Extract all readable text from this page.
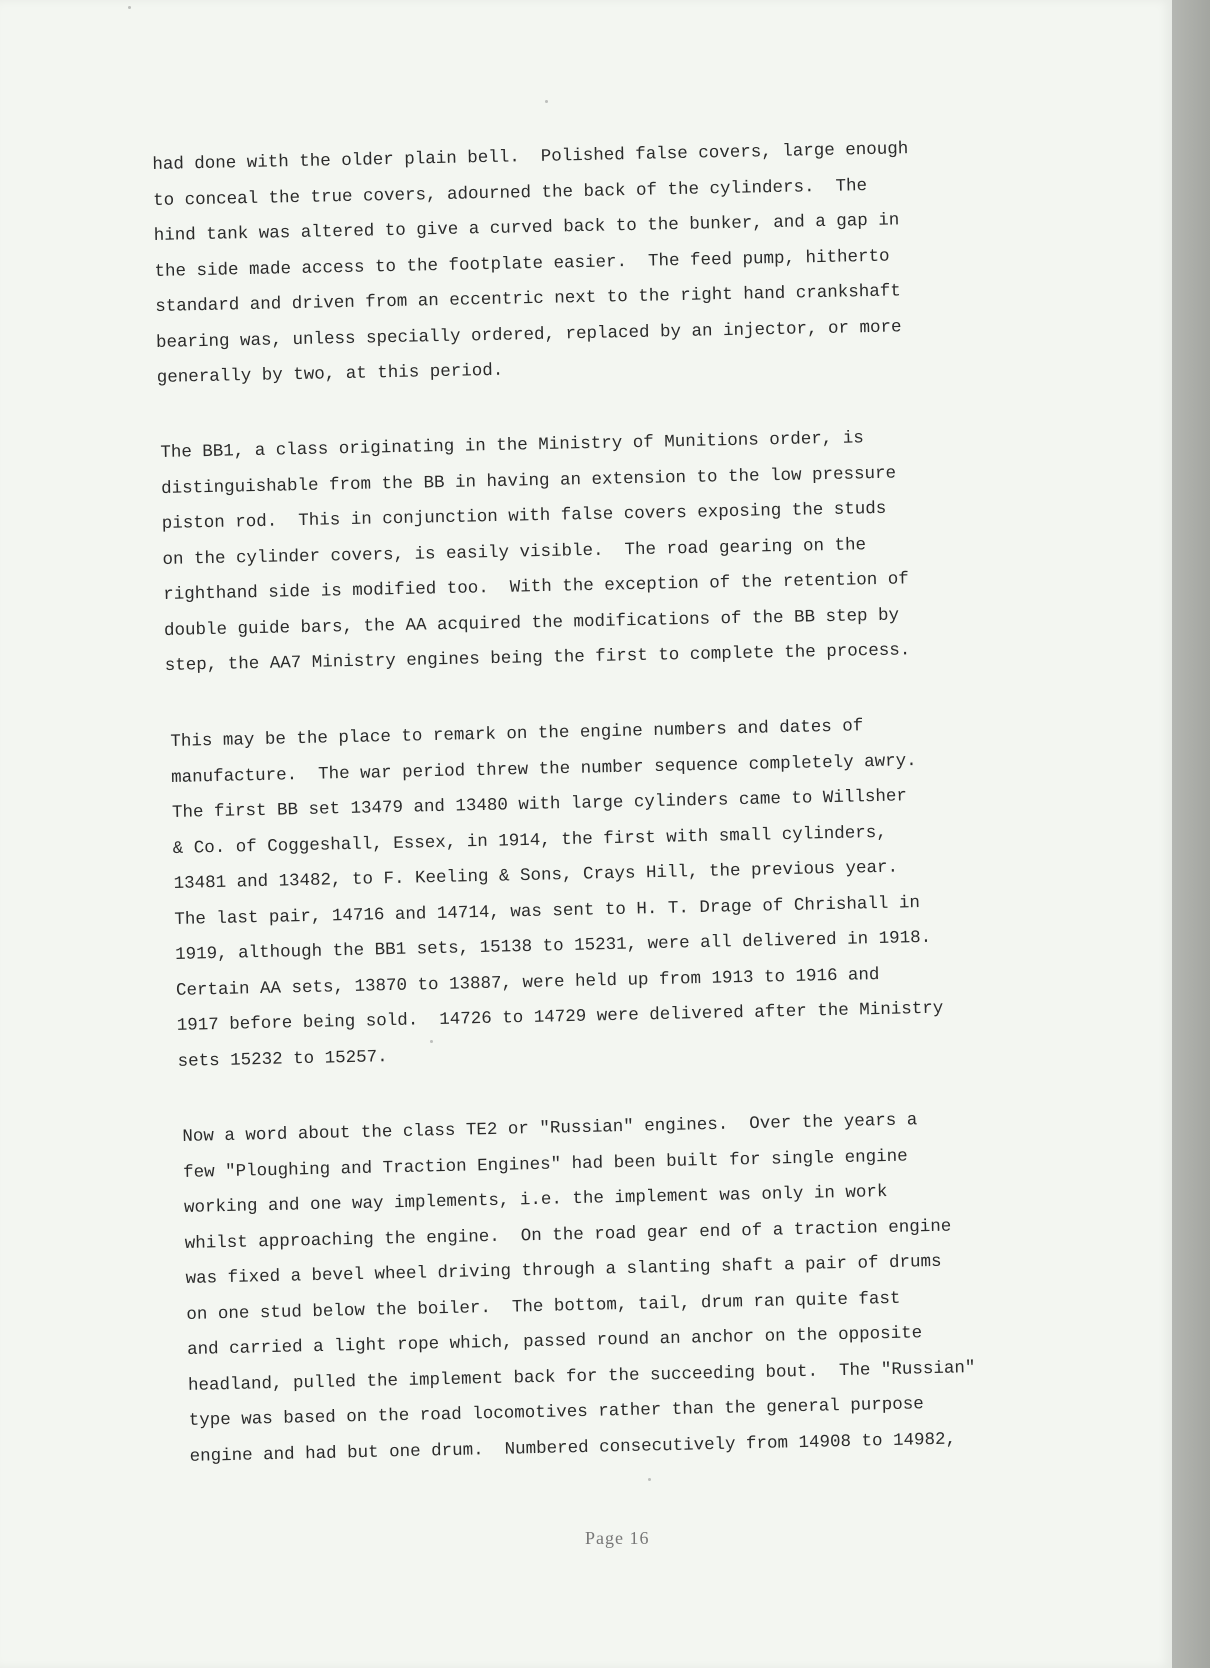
had done with the older plain bell.  Polished false covers, large enough
to conceal the true covers, adourned the back of the cylinders.  The
hind tank was altered to give a curved back to the bunker, and a gap in
the side made access to the footplate easier.  The feed pump, hitherto
standard and driven from an eccentric next to the right hand crankshaft
bearing was, unless specially ordered, replaced by an injector, or more
generally by two, at this period.
The BB1, a class originating in the Ministry of Munitions order, is
distinguishable from the BB in having an extension to the low pressure
piston rod.  This in conjunction with false covers exposing the studs
on the cylinder covers, is easily visible.  The road gearing on the
righthand side is modified too.  With the exception of the retention of
double guide bars, the AA acquired the modifications of the BB step by
step, the AA7 Ministry engines being the first to complete the process.
This may be the place to remark on the engine numbers and dates of
manufacture.  The war period threw the number sequence completely awry.
The first BB set 13479 and 13480 with large cylinders came to Willsher
& Co. of Coggeshall, Essex, in 1914, the first with small cylinders,
13481 and 13482, to F. Keeling & Sons, Crays Hill, the previous year.
The last pair, 14716 and 14714, was sent to H. T. Drage of Chrishall in
1919, although the BB1 sets, 15138 to 15231, were all delivered in 1918.
Certain AA sets, 13870 to 13887, were held up from 1913 to 1916 and
1917 before being sold.  14726 to 14729 were delivered after the Ministry
sets 15232 to 15257.
Now a word about the class TE2 or "Russian" engines.  Over the years a
few "Ploughing and Traction Engines" had been built for single engine
working and one way implements, i.e. the implement was only in work
whilst approaching the engine.  On the road gear end of a traction engine
was fixed a bevel wheel driving through a slanting shaft a pair of drums
on one stud below the boiler.  The bottom, tail, drum ran quite fast
and carried a light rope which, passed round an anchor on the opposite
headland, pulled the implement back for the succeeding bout.  The "Russian"
type was based on the road locomotives rather than the general purpose
engine and had but one drum.  Numbered consecutively from 14908 to 14982,
Page 16
